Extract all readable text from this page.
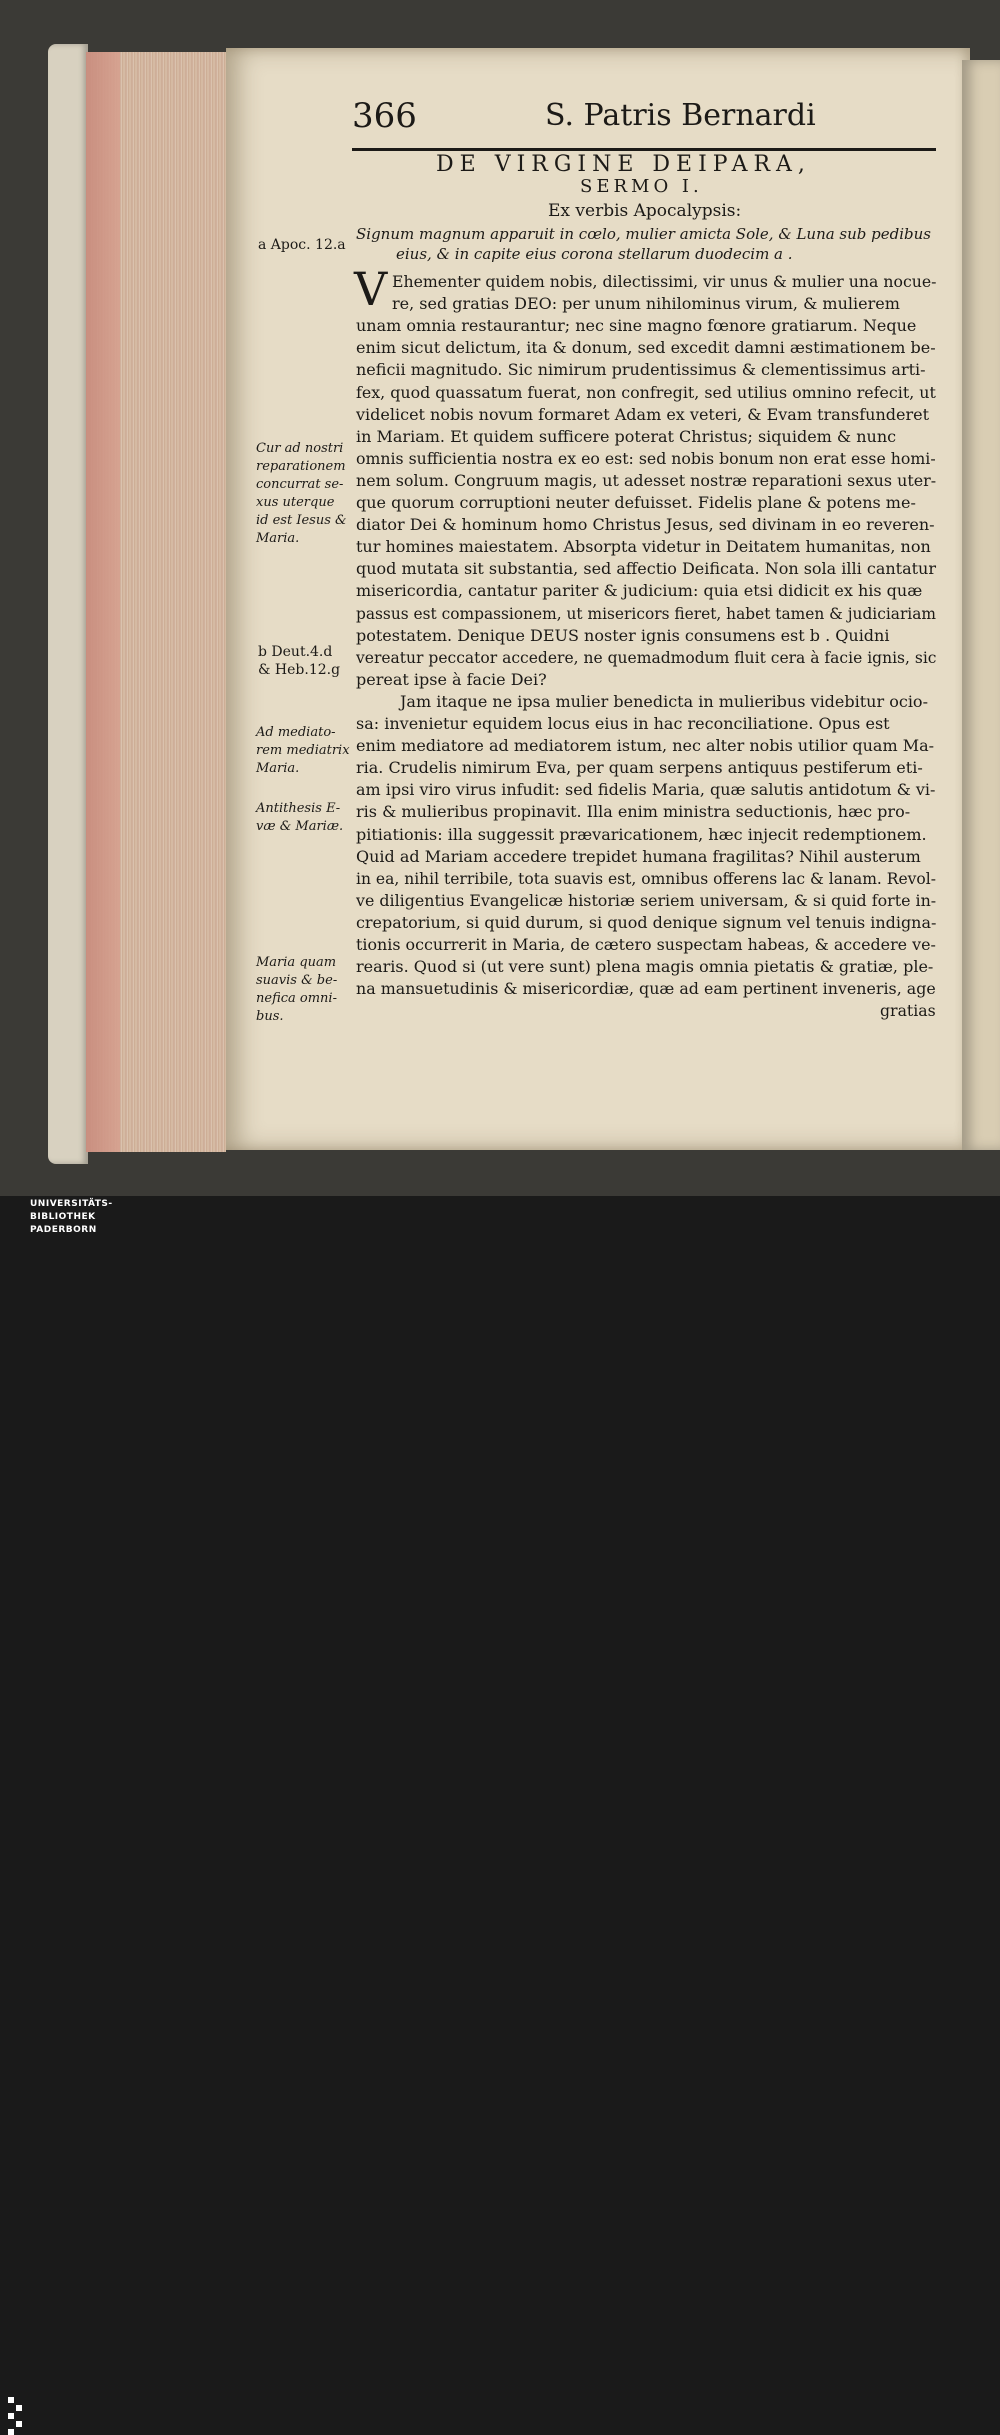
366	S. Patris Bernardi
DE VIRGINE DEIPARA,
SERMO I.
Ex verbis Apocalypsis:
Signum magnum apparuit in cœlo, mulier amicta Sole, & Luna sub pedibus
eius, & in capite eius corona stellarum duodecim a .
V Ehementer quidem nobis, dilectissimi, vir unus & mulier una nocue-
re, sed gratias DEO: per unum nihilominus virum, & mulierem
unam omnia restaurantur; nec sine magno fœnore gratiarum. Neque
enim sicut delictum, ita & donum, sed excedit damni æstimationem be-
neficii magnitudo. Sic nimirum prudentissimus & clementissimus arti-
fex, quod quassatum fuerat, non confregit, sed utilius omnino refecit, ut
videlicet nobis novum formaret Adam ex veteri, & Evam transfunderet
in Mariam. Et quidem sufficere poterat Christus; siquidem & nunc
omnis sufficientia nostra ex eo est: sed nobis bonum non erat esse homi-
nem solum. Congruum magis, ut adesset nostræ reparationi sexus uter-
que quorum corruptioni neuter defuisset. Fidelis plane & potens me-
diator Dei & hominum homo Christus Jesus, sed divinam in eo reveren-
tur homines maiestatem. Absorpta videtur in Deitatem humanitas, non
quod mutata sit substantia, sed affectio Deificata. Non sola illi cantatur
misericordia, cantatur pariter & judicium: quia etsi didicit ex his quæ
passus est compassionem, ut misericors fieret, habet tamen & judiciariam
potestatem. Denique DEUS noster ignis consumens est b . Quidni
vereatur peccator accedere, ne quemadmodum fluit cera à facie ignis, sic
pereat ipse à facie Dei?
Jam itaque ne ipsa mulier benedicta in mulieribus videbitur ocio-
sa: invenietur equidem locus eius in hac reconciliatione. Opus est
enim mediatore ad mediatorem istum, nec alter nobis utilior quam Ma-
ria. Crudelis nimirum Eva, per quam serpens antiquus pestiferum eti-
am ipsi viro virus infudit: sed fidelis Maria, quæ salutis antidotum & vi-
ris & mulieribus propinavit. Illa enim ministra seductionis, hæc pro-
pitiationis: illa suggessit prævaricationem, hæc injecit redemptionem.
Quid ad Mariam accedere trepidet humana fragilitas? Nihil austerum
in ea, nihil terribile, tota suavis est, omnibus offerens lac & lanam. Revol-
ve diligentius Evangelicæ historiæ seriem universam, & si quid forte in-
crepatorium, si quid durum, si quod denique signum vel tenuis indigna-
tionis occurrerit in Maria, de cætero suspectam habeas, & accedere ve-
rearis. Quod si (ut vere sunt) plena magis omnia pietatis & gratiæ, ple-
na mansuetudinis & misericordiæ, quæ ad eam pertinent inveneris, age
gratias
a Apoc. 12.a
Cur ad nostri
reparationem
concurrat se-
xus uterque
id est Iesus &
Maria.
b Deut.4.d
& Heb.12.g
Ad mediato-
rem mediatrix
Maria.
Antithesis E-
væ & Mariæ.
Maria quam
suavis & be-
nefica omni-
bus.
UNIVERSITÄTS-
BIBLIOTHEK
PADERBORN
